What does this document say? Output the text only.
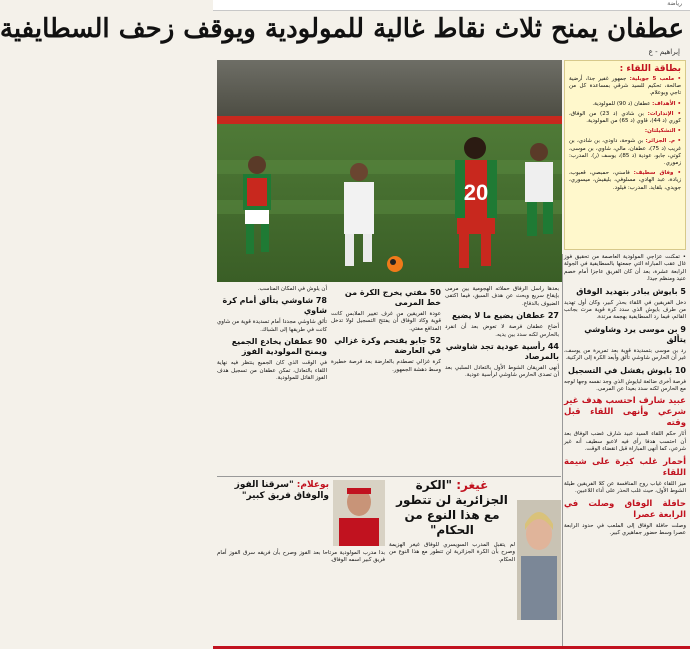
رياضة
عطفان يمنح ثلاث نقاط غالية للمولودية ويوقف زحف السطايفية
إبراهيم - ع
20
بطاقة اللقاء :

• ملعب 5 جويلية: جمهور غفير جدا، أرضية صالحة، تحكيم للسيد شرقي بمساعدة كل من تاجي وبوعلام.

• الأهداف: عطفان (د 90) للمولودية.

• الإنذارات: بن شادي (د 23) من الوفاق، كوري (د 44)، قاوي (د 65) من المولودية.

• التشكيلتان:

• م. الجزائر: بن شوحة، داودي، بن شادي، بن غريب (د 75)، عطفان، مالي، شاوي، بن موسى، كوتي، جابو، عودية (د 85)، يوسف (ر). المدرب: زموري.

• وفاق سطيف: فاسني، حمبصي، قعبوب، زيادة، عبد الهادي، مسلوفي، بليقيش، ميسوري، جويدي، بلقايد. المدرب: فيلود.

• تمكنت عزاجي المولودية العاصمة من تحقيق فوز غال عقب المباراة التي جمعتها بالسطايفية في الجولة الرابعة عشرة، بعد أن كان الفريق عاجزا أمام خصم عنيد ومنظم جيدا.

5 بايوش يبادر بتهديد الوفاق

دخل الفريقين في اللقاء بحذر كبير، وكان أول تهديد من طرف بايوش الذي سدد كرة قوية مرت بجانب القائم، فيما رد السطايفية بهجمة مرتدة.

9 بن موسى يرد وشاوشي يتألق

رد بن موسى بتسديدة قوية بعد تمريرة من يوسف، غير أن الحارس شاوشي تألق وأبعد الكرة إلى الركنية.

10 بايوش يفشل في التسجيل

فرصة أخرى ضائعة لبايوش الذي وجد نفسه وجها لوجه مع الحارس لكنه سدد بعيدا عن المرمى.

عبيد شارف احتسب هدف غير شرعي وأنهى اللقاء قبل وقته

أثار حكم اللقاء السيد عبيد شارف غضب الوفاق بعد أن احتسب هدفا رأى فيه لاعبو سطيف أنه غير شرعي، كما أنهى المباراة قبل انقضاء الوقت.

أحمار غلب كيرة على شيمة اللقاء

ميز اللقاء غياب روح المنافسة عن كلا الفريقين طيلة الشوط الأول، حيث غلب الحذر على أداء اللاعبين.

حافلة الوفاق وصلت في الرابعة عصرا

وصلت حافلة الوفاق إلى الملعب في حدود الرابعة عصرا وسط حضور جماهيري كبير.

بعدها راسل الرفاق حملاته الهجومية بين مرمى بإيقاع سريع وبحث عن هدف السبق، فيما اكتفى الضيوف بالدفاع.

27 عطفان يضيع ما لا يضيع

أضاع عطفان فرصة لا تعوض بعد أن انفرد بالحارس لكنه سدد بين يديه.

44 رأسية عودية تجد شاوشي بالمرصاد

أنهى الفريقان الشوط الأول بالتعادل السلبي بعد أن تصدى الحارس شاوشي لرأسية عودية.

50 مفتي يخرج الكرة من خط المرمى

عودة الفريقين من غرف تغيير الملابس كانت قوية وكاد الوفاق أن يفتتح التسجيل لولا تدخل المدافع مفتي.

52 جابو يقتحم وكرة غزالي في العارضة

كرة غزالي تصطدم بالعارضة بعد فرصة خطيرة وسط دهشة الجمهور.

أن يلوش في المكان المناسب.

78 شاوشي يتألق أمام كرة شاوي

تألق شاوشي مجددا أمام تسديدة قوية من شاوي كانت في طريقها إلى الشباك.

90 عطفان يخادع الجميع ويمنح المولودية الفوز

في الوقت الذي كان الجميع ينتظر فيه نهاية اللقاء بالتعادل، تمكن عطفان من تسجيل هدف الفوز القاتل للمولودية.

غيغر: "الكرة الجزائرية لن تتطور مع هذا النوع من الحكام"

لم يتقبل المدرب السويسري للوفاق غيغر الهزيمة وصرح بأن الكرة الجزائرية لن تتطور مع هذا النوع من الحكام.

بوعلام: "سرقنا الفوز والوفاق فريق كبير"

بدا مدرب المولودية مرتاحا بعد الفوز وصرح بأن فريقه سرق الفوز أمام فريق كبير اسمه الوفاق.
